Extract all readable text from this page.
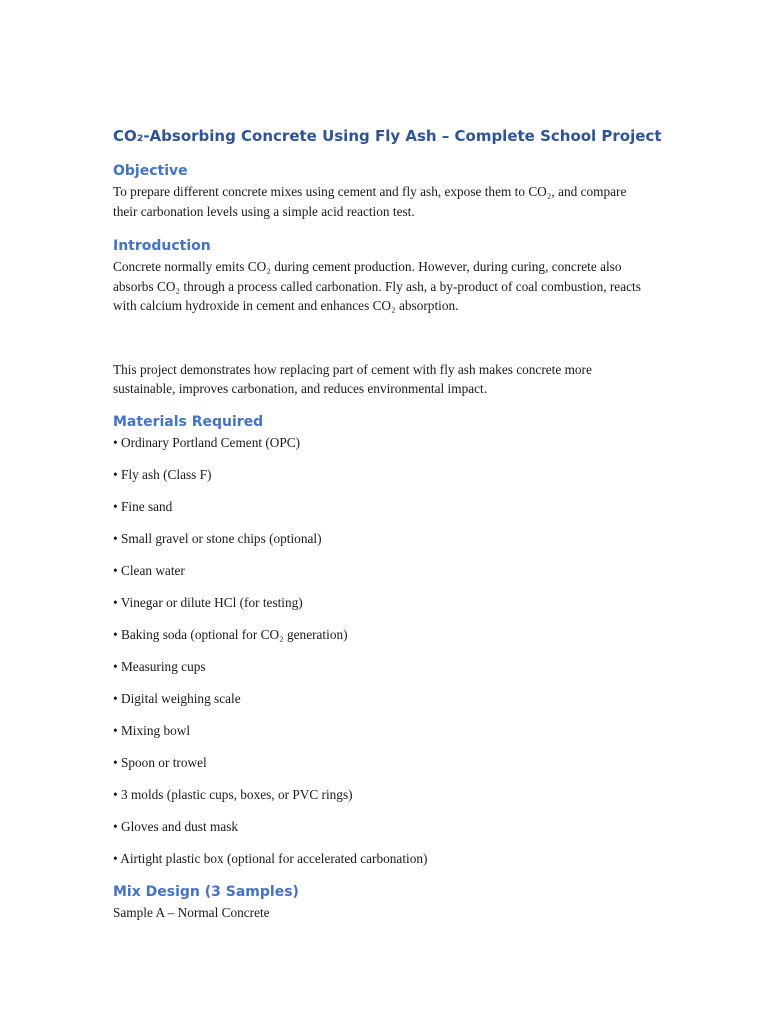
CO₂-Absorbing Concrete Using Fly Ash – Complete School Project
Objective

To prepare different concrete mixes using cement and fly ash, expose them to CO₂, and compare their carbonation levels using a simple acid reaction test.

Introduction

Concrete normally emits CO₂ during cement production. However, during curing, concrete also absorbs CO₂ through a process called carbonation. Fly ash, a by-product of coal combustion, reacts with calcium hydroxide in cement and enhances CO₂ absorption.

This project demonstrates how replacing part of cement with fly ash makes concrete more sustainable, improves carbonation, and reduces environmental impact.

Materials Required

• Ordinary Portland Cement (OPC)

• Fly ash (Class F)

• Fine sand

• Small gravel or stone chips (optional)

• Clean water

• Vinegar or dilute HCl (for testing)

• Baking soda (optional for CO₂ generation)

• Measuring cups

• Digital weighing scale

• Mixing bowl

• Spoon or trowel

• 3 molds (plastic cups, boxes, or PVC rings)

• Gloves and dust mask

• Airtight plastic box (optional for accelerated carbonation)

Mix Design (3 Samples)

Sample A – Normal Concrete
